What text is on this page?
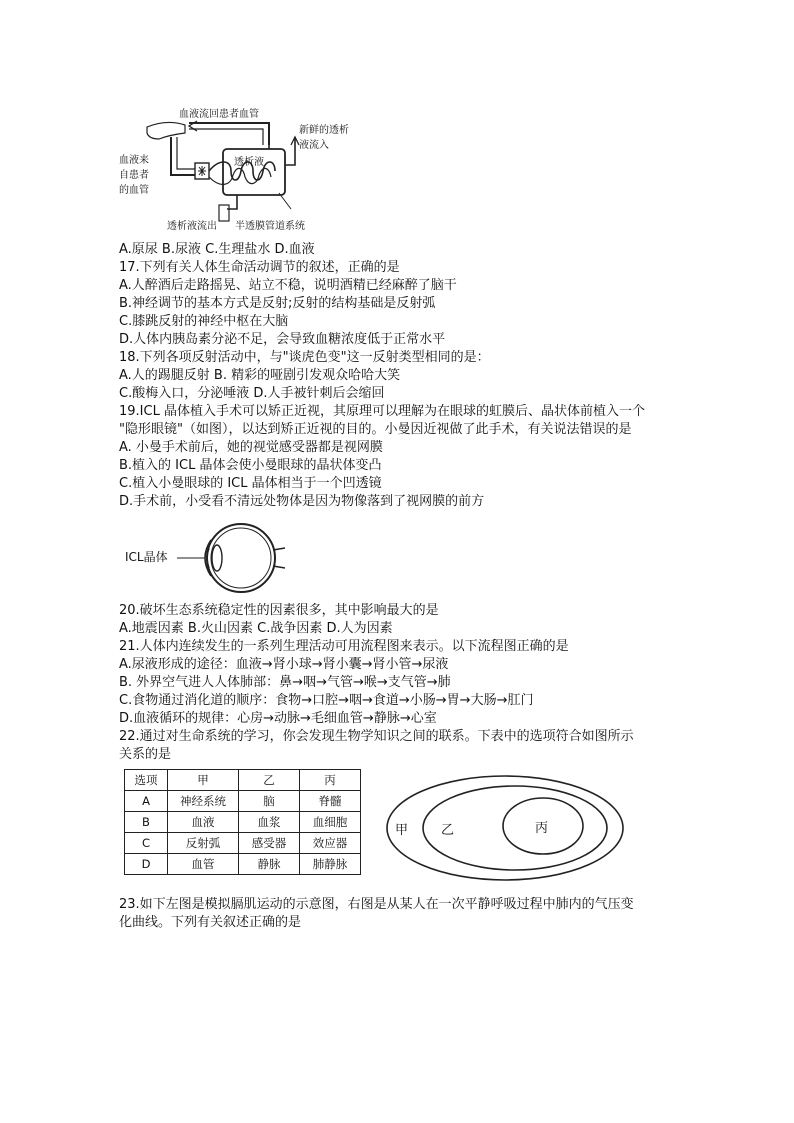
血液流回患者血管
新鲜的透析液流入
血液来自患者的血管
透析液
透析液流出 半透膜管道系统
A.原尿 B.尿液 C.生理盐水 D.血液
17.下列有关人体生命活动调节的叙述，正确的是
A.人醉酒后走路摇晃、站立不稳，说明酒精已经麻醉了脑干
B.神经调节的基本方式是反射;反射的结构基础是反射弧
C.膝跳反射的神经中枢在大脑
D.人体内胰岛素分泌不足，会导致血糖浓度低于正常水平
18.下列各项反射活动中，与"谈虎色变"这一反射类型相同的是：
A.人的踢腿反射 B. 精彩的哑剧引发观众哈哈大笑
C.酸梅入口，分泌唾液 D.人手被针刺后会缩回
19.ICL 晶体植入手术可以矫正近视，其原理可以理解为在眼球的虹膜后、晶状体前植入一个
"隐形眼镜"（如图），以达到矫正近视的目的。小曼因近视做了此手术，有关说法错误的是
A. 小曼手术前后，她的视觉感受器都是视网膜
B.植入的 ICL 晶体会使小曼眼球的晶状体变凸
C.植入小曼眼球的 ICL 晶体相当于一个凹透镜
D.手术前，小受看不清远处物体是因为物像落到了视网膜的前方
ICL晶体
20.破坏生态系统稳定性的因素很多，其中影响最大的是
A.地震因素 B.火山因素 C.战争因素 D.人为因素
21.人体内连续发生的一系列生理活动可用流程图来表示。以下流程图正确的是
A.尿液形成的途径：血液→肾小球→肾小囊→肾小管→尿液
B. 外界空气进人人体肺部：鼻→咽→气管→喉→支气管→肺
C.食物通过消化道的顺序：食物→口腔→咽→食道→小肠→胃→大肠→肛门
D.血液循环的规律：心房→动脉→毛细血管→静脉→心室
22.通过对生命系统的学习，你会发现生物学知识之间的联系。下表中的选项符合如图所示
关系的是
选项	甲	乙	丙
A	神经系统	脑	脊髓
B	血液	血浆	血细胞
C	反射弧	感受器	效应器
D	血管	静脉	肺静脉
甲	乙	丙
23.如下左图是模拟膈肌运动的示意图，右图是从某人在一次平静呼吸过程中肺内的气压变
化曲线。下列有关叙述正确的是
